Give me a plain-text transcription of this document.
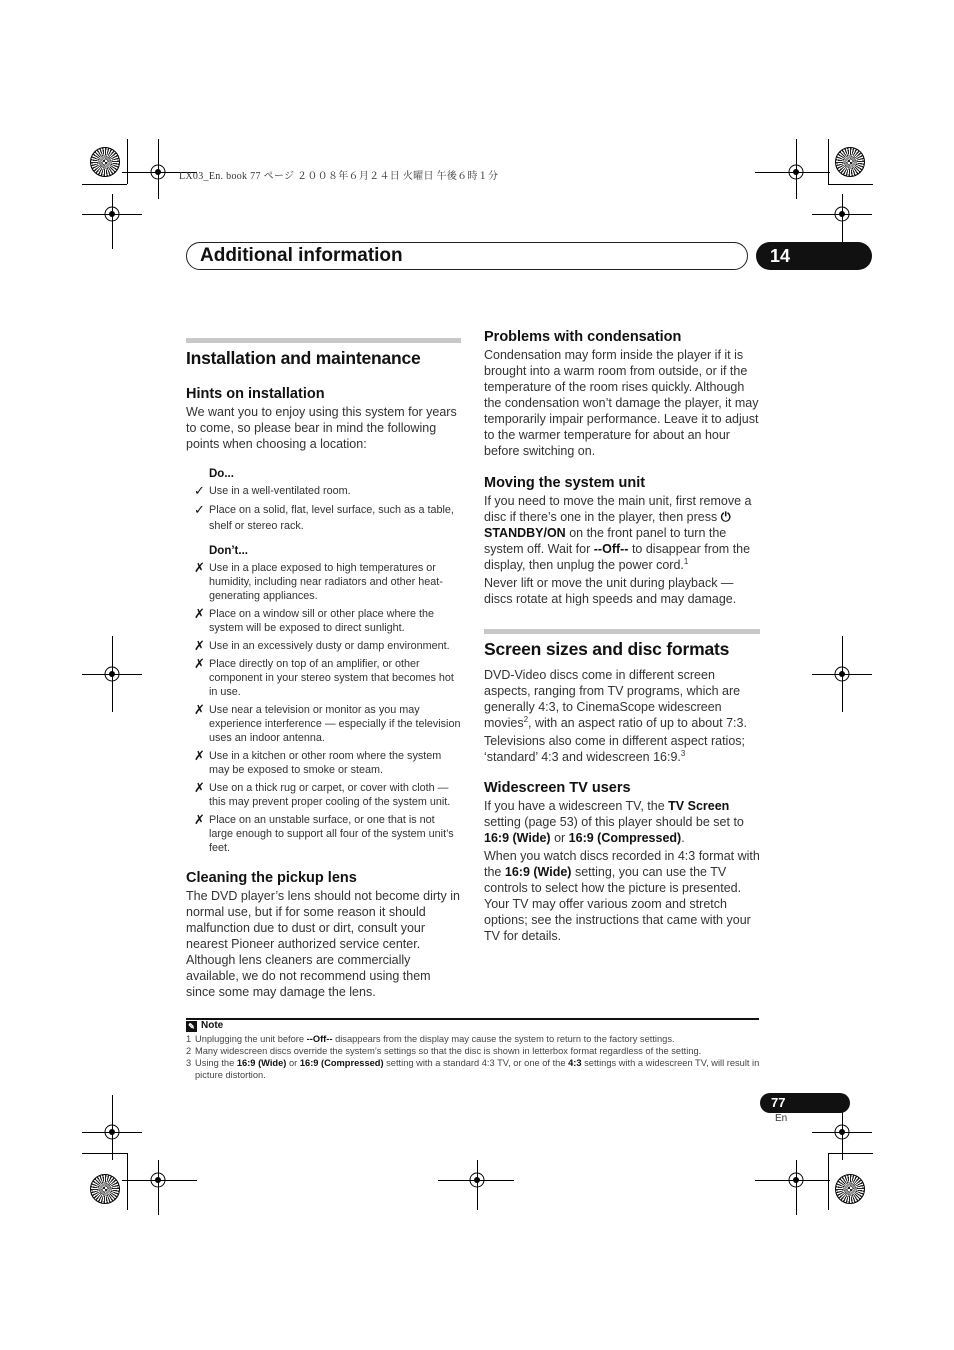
LX03_En. book 77 ページ ２００８年６月２４日 火曜日 午後６時１分
Additional information	14
Installation and maintenance
Hints on installation
We want you to enjoy using this system for years to come, so please bear in mind the following points when choosing a location:
Do...
✓ Use in a well-ventilated room.
✓ Place on a solid, flat, level surface, such as a table, shelf or stereo rack.
Don’t...
✗ Use in a place exposed to high temperatures or humidity, including near radiators and other heat-generating appliances.
✗ Place on a window sill or other place where the system will be exposed to direct sunlight.
✗ Use in an excessively dusty or damp environment.
✗ Place directly on top of an amplifier, or other component in your stereo system that becomes hot in use.
✗ Use near a television or monitor as you may experience interference — especially if the television uses an indoor antenna.
✗ Use in a kitchen or other room where the system may be exposed to smoke or steam.
✗ Use on a thick rug or carpet, or cover with cloth — this may prevent proper cooling of the system unit.
✗ Place on an unstable surface, or one that is not large enough to support all four of the system unit’s feet.
Cleaning the pickup lens
The DVD player’s lens should not become dirty in normal use, but if for some reason it should malfunction due to dust or dirt, consult your nearest Pioneer authorized service center. Although lens cleaners are commercially available, we do not recommend using them since some may damage the lens.
Problems with condensation
Condensation may form inside the player if it is brought into a warm room from outside, or if the temperature of the room rises quickly. Although the condensation won’t damage the player, it may temporarily impair performance. Leave it to adjust to the warmer temperature for about an hour before switching on.
Moving the system unit
If you need to move the main unit, first remove a disc if there’s one in the player, then press ⏻ STANDBY/ON on the front panel to turn the system off. Wait for --Off-- to disappear from the display, then unplug the power cord.$^1$
Never lift or move the unit during playback — discs rotate at high speeds and may damage.
Screen sizes and disc formats
DVD-Video discs come in different screen aspects, ranging from TV programs, which are generally 4:3, to CinemaScope widescreen movies$^2$, with an aspect ratio of up to about 7:3.
Televisions also come in different aspect ratios; ‘standard’ 4:3 and widescreen 16:9.$^3$
Widescreen TV users
If you have a widescreen TV, the TV Screen setting (page 53) of this player should be set to 16:9 (Wide) or 16:9 (Compressed).
When you watch discs recorded in 4:3 format with the 16:9 (Wide) setting, you can use the TV controls to select how the picture is presented. Your TV may offer various zoom and stretch options; see the instructions that came with your TV for details.
✎ Note
1 Unplugging the unit before --Off-- disappears from the display may cause the system to return to the factory settings.
2 Many widescreen discs override the system’s settings so that the disc is shown in letterbox format regardless of the setting.
3 Using the 16:9 (Wide) or 16:9 (Compressed) setting with a standard 4:3 TV, or one of the 4:3 settings with a widescreen TV, will result in picture distortion.
77
En
